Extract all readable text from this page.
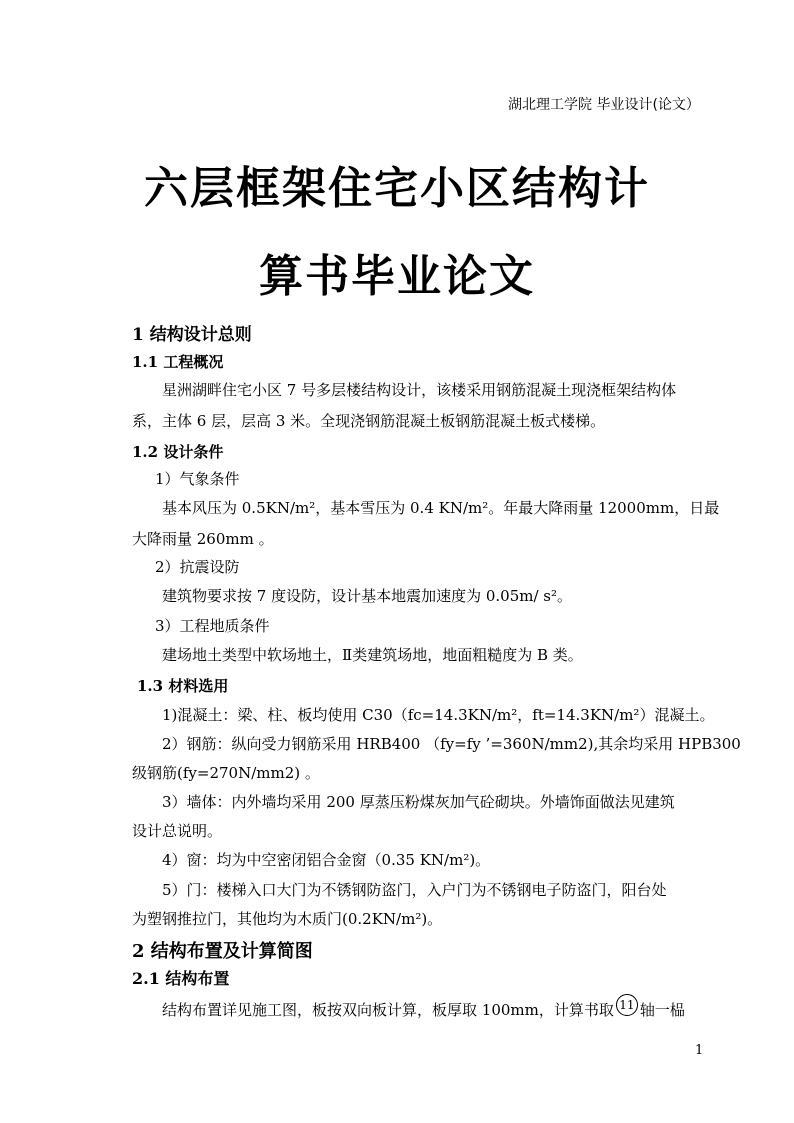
湖北理工学院 毕业设计(论文）
六层框架住宅小区结构计
算书毕业论文
1 结构设计总则
1.1 工程概况
星洲湖畔住宅小区 7 号多层楼结构设计，该楼采用钢筋混凝土现浇框架结构体
系，主体 6 层，层高 3 米。全现浇钢筋混凝土板钢筋混凝土板式楼梯。
1.2 设计条件
1）气象条件
基本风压为 0.5KN/m²，基本雪压为 0.4 KN/m²。年最大降雨量 12000mm，日最
大降雨量 260mm 。
2）抗震设防
建筑物要求按 7 度设防，设计基本地震加速度为 0.05m/ s²。
3）工程地质条件
建场地土类型中软场地土，Ⅱ类建筑场地，地面粗糙度为 B 类。
1.3 材料选用
1)混凝土：梁、柱、板均使用 C30（fc=14.3KN/m²，ft=14.3KN/m²）混凝土。
2）钢筋：纵向受力钢筋采用 HRB400 （fy=fy ’=360N/mm2),其余均采用 HPB300
级钢筋(fy=270N/mm2) 。
3）墙体：内外墙均采用 200 厚蒸压粉煤灰加气砼砌块。外墙饰面做法见建筑
设计总说明。
4）窗：均为中空密闭铝合金窗（0.35 KN/m²)。
5）门：楼梯入口大门为不锈钢防盗门，入户门为不锈钢电子防盗门，阳台处
为塑钢推拉门，其他均为木质门(0.2KN/m²)。
2 结构布置及计算简图
2.1 结构布置
结构布置详见施工图，板按双向板计算，板厚取 100mm，计算书取 11 轴一榀
1
